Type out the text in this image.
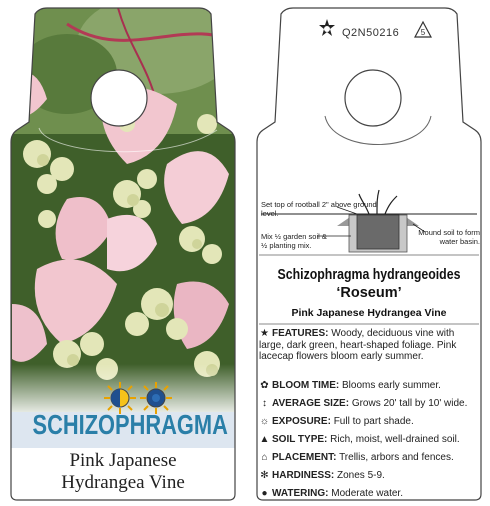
SCHIZOPHRAGMA
Pink Japanese
Hydrangea Vine
Q2N50216	5
Set top of rootball 2" above ground level.
Mix ½ garden soil & ½ planting mix.
Mound soil to form water basin.
Schizophragma hydrangeoides
‘Roseum’
Pink Japanese Hydrangea Vine
★ FEATURES: Woody, deciduous vine with large, dark green, heart-shaped foliage. Pink lacecap flowers bloom early summer.
✿ BLOOM TIME: Blooms early summer.
↕ AVERAGE SIZE: Grows 20' tall by 10' wide.
☼ EXPOSURE: Full to part shade.
▲ SOIL TYPE: Rich, moist, well-drained soil.
⌂ PLACEMENT: Trellis, arbors and fences.
✻ HARDINESS: Zones 5-9.
● WATERING: Moderate water.
